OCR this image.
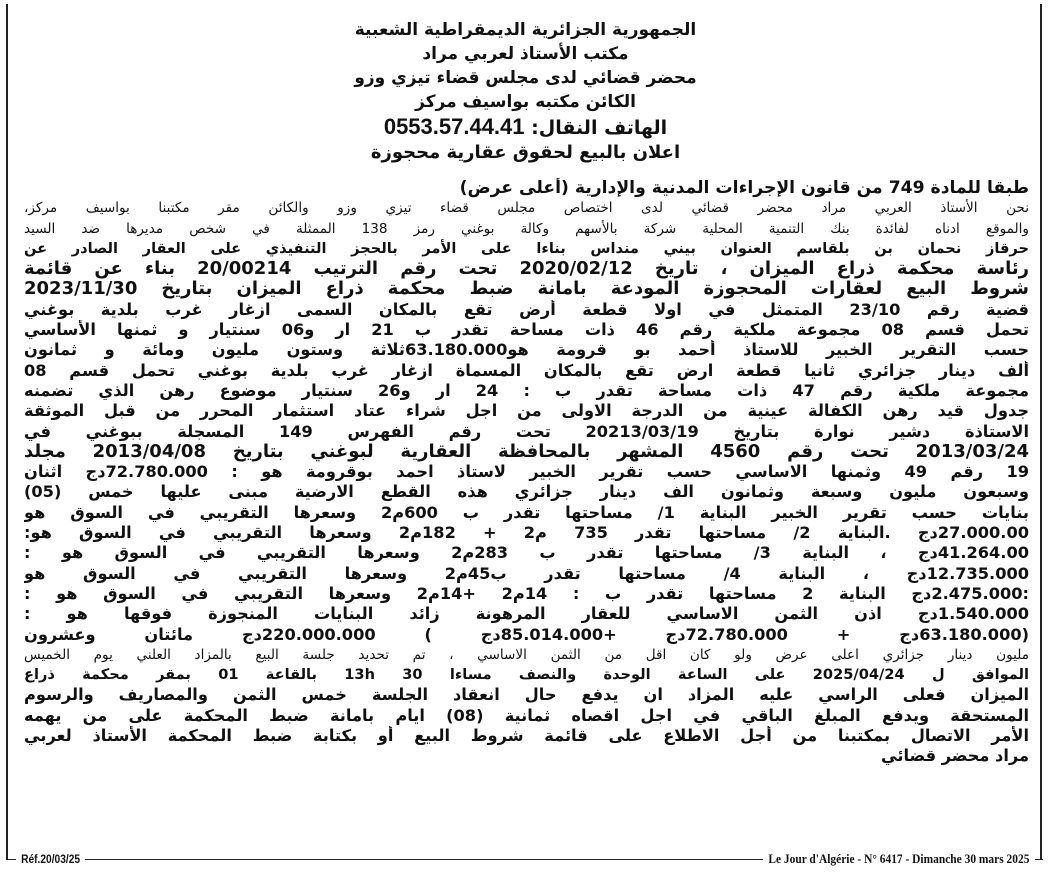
الجمهورية الجزائرية الديمقراطية الشعبية
مكتب الأستاذ لعربي مراد
محضر قضائي لدى مجلس قضاء تيزي وزو
الكائن مكتبه بواسيف مركز
الهاتف النقال: 0553.57.44.41
اعلان بالبيع لحقوق عقارية محجوزة
طبقا للمادة 749 من قانون الإجراءات المدنية والإدارية (أعلى عرض)
نحن الأستاذ العربي مراد محضر قضائي لدى اختصاص مجلس قضاء تيزي وزو والكائن مقر مكتبنا بواسيف مركز،
والموقع ادناه لفائدة بنك التنمية المحلية شركة بالأسهم وكالة بوغني رمز 138 الممثلة في شخص مديرها ضد السيد
حرقاز نحمان بن بلقاسم العنوان بيني منداس بناءا على الأمر بالحجز التنفيذي على العقار الصادر عن
رئاسة محكمة ذراع الميزان ، تاريخ 2020/02/12 تحت رقم الترتيب 20/00214 بناء عن قائمة
شروط البيع لعقارات المحجوزة المودعة بامانة ضبط محكمة ذراع الميزان بتاريخ 2023/11/30
قضية رقم 23/10 المتمثل في اولا قطعة أرض تقع بالمكان السمى ازغار غرب بلدية بوغني
تحمل قسم 08 مجموعة ملكية رقم 46 ذات مساحة تقدر ب 21 ار و06 سنتيار و ثمنها الأساسي
حسب التقرير الخبير للاستاذ أحمد بو قرومة هو63.180.000ثلاثة وستون مليون ومائة و ثمانون
ألف دينار جزائري ثانيا قطعة ارض تقع بالمكان المسماة ازغار غرب بلدية بوغني تحمل قسم 08
مجموعة ملكية رقم 47 ذات مساحة تقدر ب : 24 ار و26 سنتيار موضوع رهن الذي تضمنه
جدول قيد رهن الكفالة عينية من الدرجة الاولى من اجل شراء عتاد استثمار المحرر من قبل الموثقة
الاستاذة دشير نوارة بتاريخ 20213/03/19 تحت رقم الفهرس 149 المسجلة ببوغني في
2013/03/24 تحت رقم 4560 المشهر بالمحافظة العقارية لبوغني بتاريخ 2013/04/08 مجلد
19 رقم 49 وثمنها الاساسي حسب تقرير الخبير لاستاذ احمد بوقرومة هو : 72.780.000دج اثنان
وسبعون مليون وسبعة وثمانون الف دينار جزائري هذه القطع الارضية مبنى عليها خمس (05)
بنايات حسب تقرير الخبير البناية 1/ مساحتها تقدر ب 600م2 وسعرها التقريبي في السوق هو
27.000.00دج .البناية 2/ مساحتها تقدر 735 م2 + 182م2 وسعرها التقريبي في السوق هو:
41.264.00دج ، البناية 3/ مساحتها تقدر ب 283م2 وسعرها التقريبي في السوق هو :
12.735.000دج ، البناية 4/ مساحتها تقدر ب45م2 وسعرها التقريبي في السوق هو
:2.475.000دج البناية 2 مساحتها تقدر ب : 14م2 +14م2 وسعرها التقريبي في السوق هو :
1.540.000دج اذن الثمن الاساسي للعقار المرهونة زائد البنايات المنجوزة فوقها هو :
(63.180.000دج + 72.780.000دج +85.014.000دج ) 220.000.000دج مائتان وعشرون
مليون دينار جزائري اعلى عرض ولو كان اقل من الثمن الاساسي ، تم تحديد جلسة البيع بالمزاد العلني يوم الخميس
الموافق ل 2025/04/24 على الساعة الوحدة والنصف مساءا 30 13h بالقاعة 01 بمقر محكمة ذراع
الميزان فعلى الراسي عليه المزاد ان يدفع حال انعقاد الجلسة خمس الثمن والمصاريف والرسوم
المستحقة ويدفع المبلغ الباقي في اجل اقصاه ثمانية (08) ايام بامانة ضبط المحكمة على من يهمه
الأمر الاتصال بمكتبنا من أجل الاطلاع على قائمة شروط البيع أو بكتابة ضبط المحكمة الأستاذ لعربي
مراد محضر قضائي
Réf.20/03/25	Le Jour d'Algérie - N° 6417 - Dimanche 30 mars 2025
